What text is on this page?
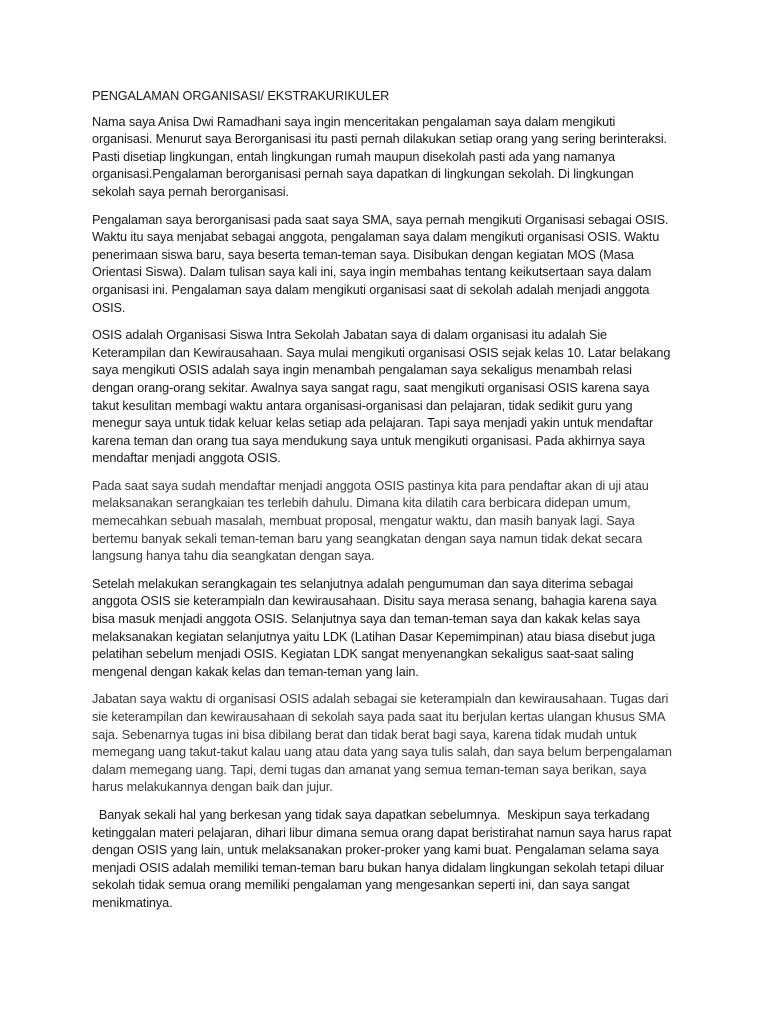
PENGALAMAN ORGANISASI/ EKSTRAKURIKULER

Nama saya Anisa Dwi Ramadhani saya ingin menceritakan pengalaman saya dalam mengikuti organisasi. Menurut saya Berorganisasi itu pasti pernah dilakukan setiap orang yang sering berinteraksi. Pasti disetiap lingkungan, entah lingkungan rumah maupun disekolah pasti ada yang namanya organisasi.Pengalaman berorganisasi pernah saya dapatkan di lingkungan sekolah. Di lingkungan sekolah saya pernah berorganisasi.

Pengalaman saya berorganisasi pada saat saya SMA, saya pernah mengikuti Organisasi sebagai OSIS. Waktu itu saya menjabat sebagai anggota, pengalaman saya dalam mengikuti organisasi OSIS. Waktu penerimaan siswa baru, saya beserta teman-teman saya. Disibukan dengan kegiatan MOS (Masa Orientasi Siswa). Dalam tulisan saya kali ini, saya ingin membahas tentang keikutsertaan saya dalam organisasi ini. Pengalaman saya dalam mengikuti organisasi saat di sekolah adalah menjadi anggota OSIS.

OSIS adalah Organisasi Siswa Intra Sekolah Jabatan saya di dalam organisasi itu adalah Sie Keterampilan dan Kewirausahaan. Saya mulai mengikuti organisasi OSIS sejak kelas 10. Latar belakang saya mengikuti OSIS adalah saya ingin menambah pengalaman saya sekaligus menambah relasi dengan orang-orang sekitar. Awalnya saya sangat ragu, saat mengikuti organisasi OSIS karena saya takut kesulitan membagi waktu antara organisasi-organisasi dan pelajaran, tidak sedikit guru yang menegur saya untuk tidak keluar kelas setiap ada pelajaran. Tapi saya menjadi yakin untuk mendaftar karena teman dan orang tua saya mendukung saya untuk mengikuti organisasi. Pada akhirnya saya mendaftar menjadi anggota OSIS.

Pada saat saya sudah mendaftar menjadi anggota OSIS pastinya kita para pendaftar akan di uji atau melaksanakan serangkaian tes terlebih dahulu. Dimana kita dilatih cara berbicara didepan umum, memecahkan sebuah masalah, membuat proposal, mengatur waktu, dan masih banyak lagi. Saya bertemu banyak sekali teman-teman baru yang seangkatan dengan saya namun tidak dekat secara langsung hanya tahu dia seangkatan dengan saya.

Setelah melakukan serangkagain tes selanjutnya adalah pengumuman dan saya diterima sebagai anggota OSIS sie keterampialn dan kewirausahaan. Disitu saya merasa senang, bahagia karena saya bisa masuk menjadi anggota OSIS. Selanjutnya saya dan teman-teman saya dan kakak kelas saya melaksanakan kegiatan selanjutnya yaitu LDK (Latihan Dasar Kepemimpinan) atau biasa disebut juga pelatihan sebelum menjadi OSIS. Kegiatan LDK sangat menyenangkan sekaligus saat-saat saling mengenal dengan kakak kelas dan teman-teman yang lain.

Jabatan saya waktu di organisasi OSIS adalah sebagai sie keterampialn dan kewirausahaan. Tugas dari sie keterampilan dan kewirausahaan di sekolah saya pada saat itu berjulan kertas ulangan khusus SMA saja. Sebenarnya tugas ini bisa dibilang berat dan tidak berat bagi saya, karena tidak mudah untuk memegang uang takut-takut kalau uang atau data yang saya tulis salah, dan saya belum berpengalaman dalam memegang uang. Tapi, demi tugas dan amanat yang semua teman-teman saya berikan, saya harus melakukannya dengan baik dan jujur.

Banyak sekali hal yang berkesan yang tidak saya dapatkan sebelumnya.  Meskipun saya terkadang ketinggalan materi pelajaran, dihari libur dimana semua orang dapat beristirahat namun saya harus rapat dengan OSIS yang lain, untuk melaksanakan proker-proker yang kami buat. Pengalaman selama saya menjadi OSIS adalah memiliki teman-teman baru bukan hanya didalam lingkungan sekolah tetapi diluar sekolah tidak semua orang memiliki pengalaman yang mengesankan seperti ini, dan saya sangat menikmatinya.
